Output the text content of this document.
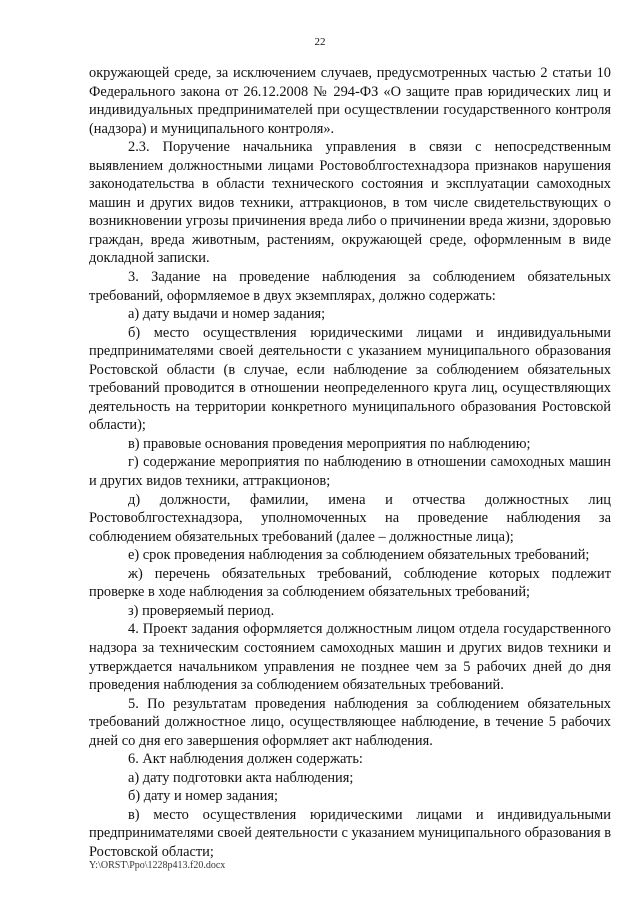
22

окружающей среде, за исключением случаев, предусмотренных частью 2 статьи 10 Федерального закона от 26.12.2008 № 294-ФЗ «О защите прав юридических лиц и индивидуальных предпринимателей при осуществлении государственного контроля (надзора) и муниципального контроля».

2.3. Поручение начальника управления в связи с непосредственным выявлением должностными лицами Ростовоблгостехнадзора признаков нарушения законодательства в области технического состояния и эксплуатации самоходных машин и других видов техники, аттракционов, в том числе свидетельствующих о возникновении угрозы причинения вреда либо о причинении вреда жизни, здоровью граждан, вреда животным, растениям, окружающей среде, оформленным в виде докладной записки.

3. Задание на проведение наблюдения за соблюдением обязательных требований, оформляемое в двух экземплярах, должно содержать:

а) дату выдачи и номер задания;

б) место осуществления юридическими лицами и индивидуальными предпринимателями своей деятельности с указанием муниципального образования Ростовской области (в случае, если наблюдение за соблюдением обязательных требований проводится в отношении неопределенного круга лиц, осуществляющих деятельность на территории конкретного муниципального образования Ростовской области);

в) правовые основания проведения мероприятия по наблюдению;

г) содержание мероприятия по наблюдению в отношении самоходных машин и других видов техники, аттракционов;

д) должности, фамилии, имена и отчества должностных лиц Ростовоблгостехнадзора, уполномоченных на проведение наблюдения за соблюдением обязательных требований (далее – должностные лица);

е) срок проведения наблюдения за соблюдением обязательных требований;

ж) перечень обязательных требований, соблюдение которых подлежит проверке в ходе наблюдения за соблюдением обязательных требований;

з) проверяемый период.

4. Проект задания оформляется должностным лицом отдела государственного надзора за техническим состоянием самоходных машин и других видов техники и утверждается начальником управления не позднее чем за 5 рабочих дней до дня проведения наблюдения за соблюдением обязательных требований.

5. По результатам проведения наблюдения за соблюдением обязательных требований должностное лицо, осуществляющее наблюдение, в течение 5 рабочих дней со дня его завершения оформляет акт наблюдения.

6. Акт наблюдения должен содержать:

а) дату подготовки акта наблюдения;

б) дату и номер задания;

в) место осуществления юридическими лицами и индивидуальными предпринимателями своей деятельности с указанием муниципального образования в Ростовской области;

Y:\ORST\Ppo\1228p413.f20.docx
